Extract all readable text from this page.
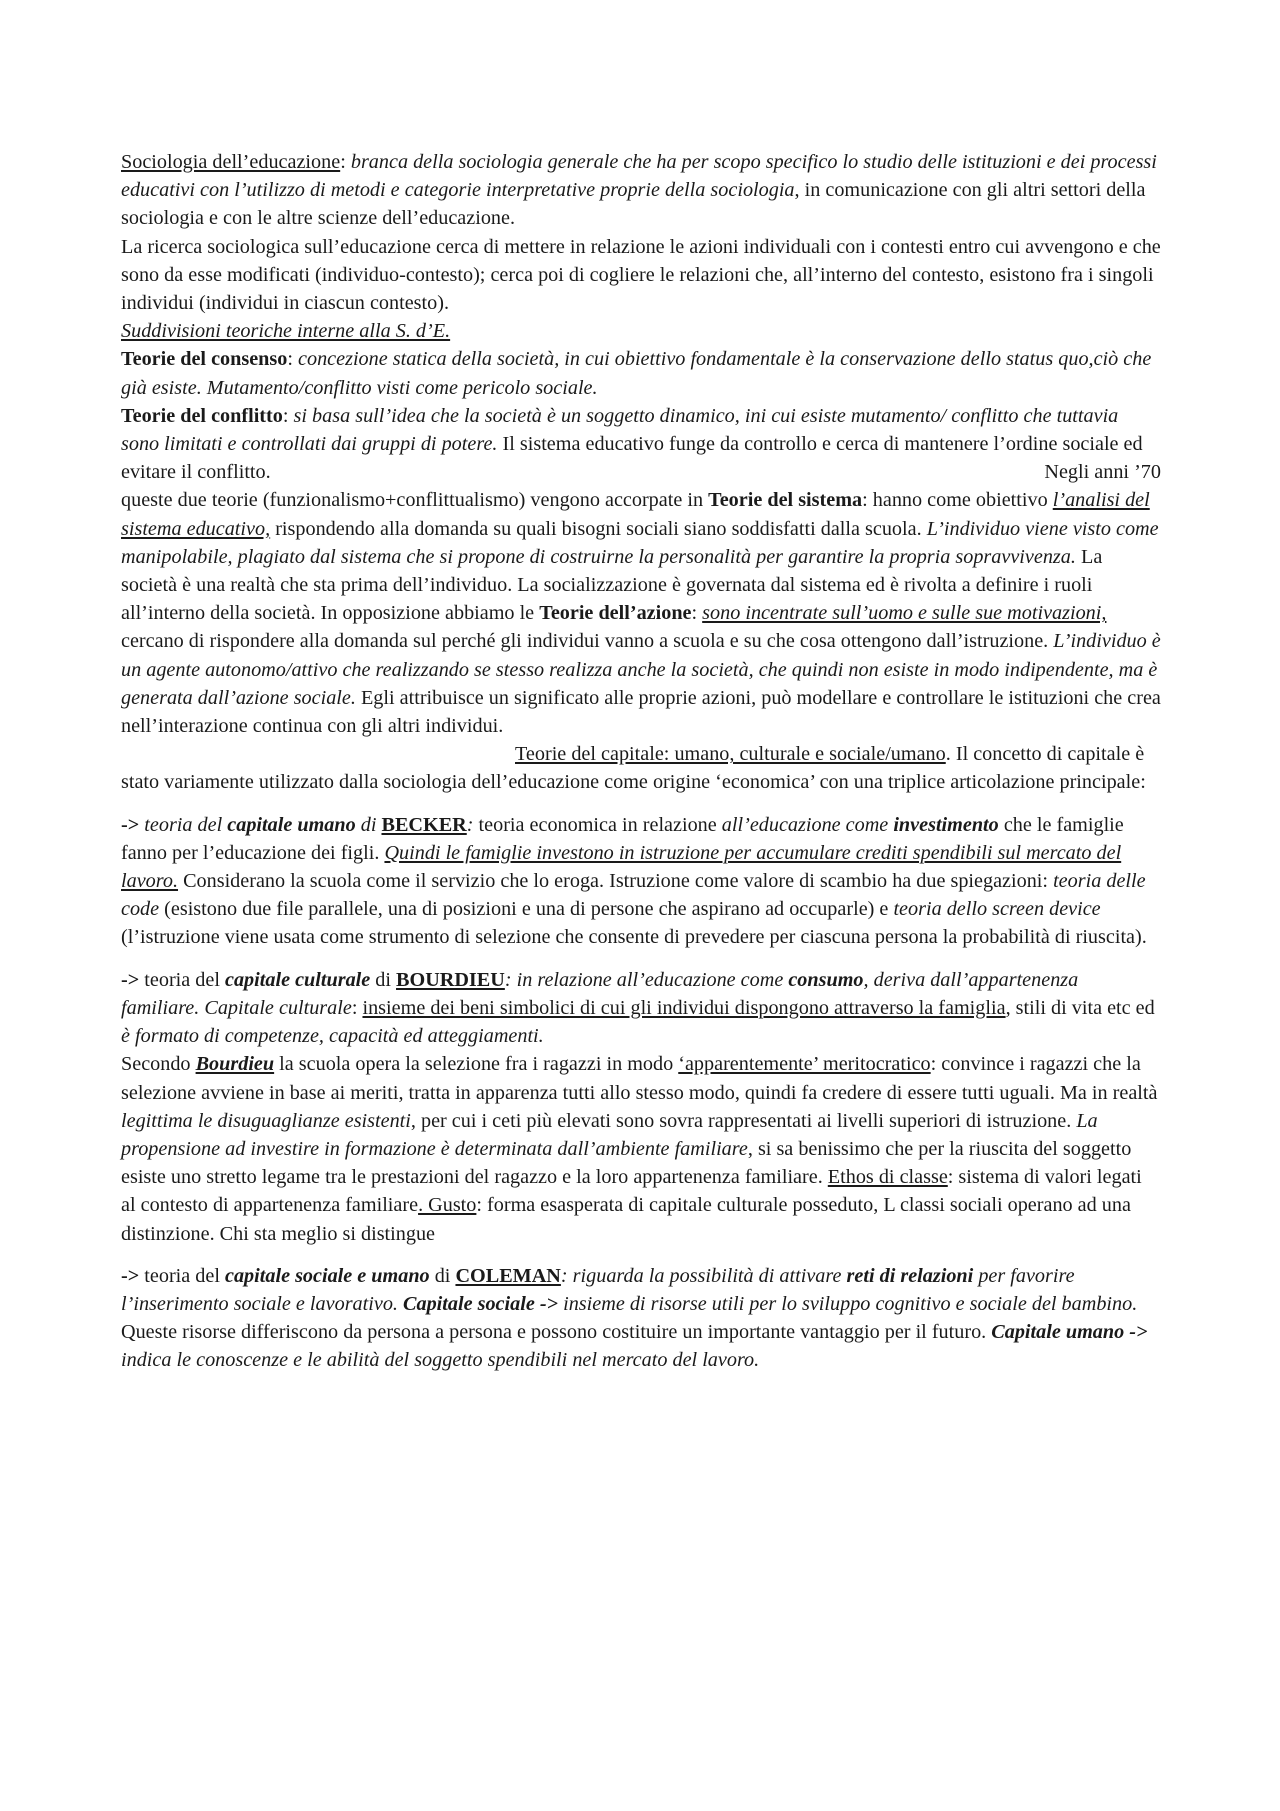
Sociologia dell’educazione: branca della sociologia generale che ha per scopo specifico lo studio delle istituzioni e dei processi educativi con l’utilizzo di metodi e categorie interpretative proprie della sociologia, in comunicazione con gli altri settori della sociologia e con le altre scienze dell’educazione.

La ricerca sociologica sull’educazione cerca di mettere in relazione le azioni individuali con i contesti entro cui avvengono e che sono da esse modificati (individuo-contesto); cerca poi di cogliere le relazioni che, all’interno del contesto, esistono fra i singoli individui (individui in ciascun contesto).

Suddivisioni teoriche interne alla S. d’E.

Teorie del consenso: concezione statica della società, in cui obiettivo fondamentale è la conservazione dello status quo,ciò che già esiste. Mutamento/conflitto visti come pericolo sociale.

Teorie del conflitto: si basa sull’idea che la società è un soggetto dinamico, ini cui esiste mutamento/ conflitto che tuttavia sono limitati e controllati dai gruppi di potere. Il sistema educativo funge da controllo e cerca di mantenere l’ordine sociale ed evitare il conflitto.	Negli anni ’70

queste due teorie (funzionalismo+conflittualismo) vengono accorpate in Teorie del sistema: hanno come obiettivo l’analisi del sistema educativo, rispondendo alla domanda su quali bisogni sociali siano soddisfatti dalla scuola. L’individuo viene visto come manipolabile, plagiato dal sistema che si propone di costruirne la personalità per garantire la propria sopravvivenza. La società è una realtà che sta prima dell’individuo. La socializzazione è governata dal sistema ed è rivolta a definire i ruoli all’interno della società. In opposizione abbiamo le Teorie dell’azione: sono incentrate sull’uomo e sulle sue motivazioni, cercano di rispondere alla domanda sul perché gli individui vanno a scuola e su che cosa ottengono dall’istruzione. L’individuo è un agente autonomo/attivo che realizzando se stesso realizza anche la società, che quindi non esiste in modo indipendente, ma è generata dall’azione sociale. Egli attribuisce un significato alle proprie azioni, può modellare e controllare le istituzioni che crea nell’interazione continua con gli altri individui.

Teorie del capitale: umano, culturale e sociale/umano. Il concetto di capitale è stato variamente utilizzato dalla sociologia dell’educazione come origine ‘economica’ con una triplice articolazione principale:

-> teoria del capitale umano di BECKER: teoria economica in relazione all’educazione come investimento che le famiglie fanno per l’educazione dei figli. Quindi le famiglie investono in istruzione per accumulare crediti spendibili sul mercato del lavoro. Considerano la scuola come il servizio che lo eroga. Istruzione come valore di scambio ha due spiegazioni: teoria delle code (esistono due file parallele, una di posizioni e una di persone che aspirano ad occuparle) e teoria dello screen device (l’istruzione viene usata come strumento di selezione che consente di prevedere per ciascuna persona la probabilità di riuscita).

-> teoria del capitale culturale di BOURDIEU: in relazione all’educazione come consumo, deriva dall’appartenenza familiare. Capitale culturale: insieme dei beni simbolici di cui gli individui dispongono attraverso la famiglia, stili di vita etc ed è formato di competenze, capacità ed atteggiamenti.
Secondo Bourdieu la scuola opera la selezione fra i ragazzi in modo ‘apparentemente’ meritocratico: convince i ragazzi che la selezione avviene in base ai meriti, tratta in apparenza tutti allo stesso modo, quindi fa credere di essere tutti uguali. Ma in realtà legittima le disuguaglianze esistenti, per cui i ceti più elevati sono sovra rappresentati ai livelli superiori di istruzione. La propensione ad investire in formazione è determinata dall’ambiente familiare, si sa benissimo che per la riuscita del soggetto esiste uno stretto legame tra le prestazioni del ragazzo e la loro appartenenza familiare. Ethos di classe: sistema di valori legati al contesto di appartenenza familiare. Gusto: forma esasperata di capitale culturale posseduto, L classi sociali operano ad una distinzione. Chi sta meglio si distingue

-> teoria del capitale sociale e umano di COLEMAN: riguarda la possibilità di attivare reti di relazioni per favorire l’inserimento sociale e lavorativo. Capitale sociale -> insieme di risorse utili per lo sviluppo cognitivo e sociale del bambino. Queste risorse differiscono da persona a persona e possono costituire un importante vantaggio per il futuro. Capitale umano -> indica le conoscenze e le abilità del soggetto spendibili nel mercato del lavoro.
